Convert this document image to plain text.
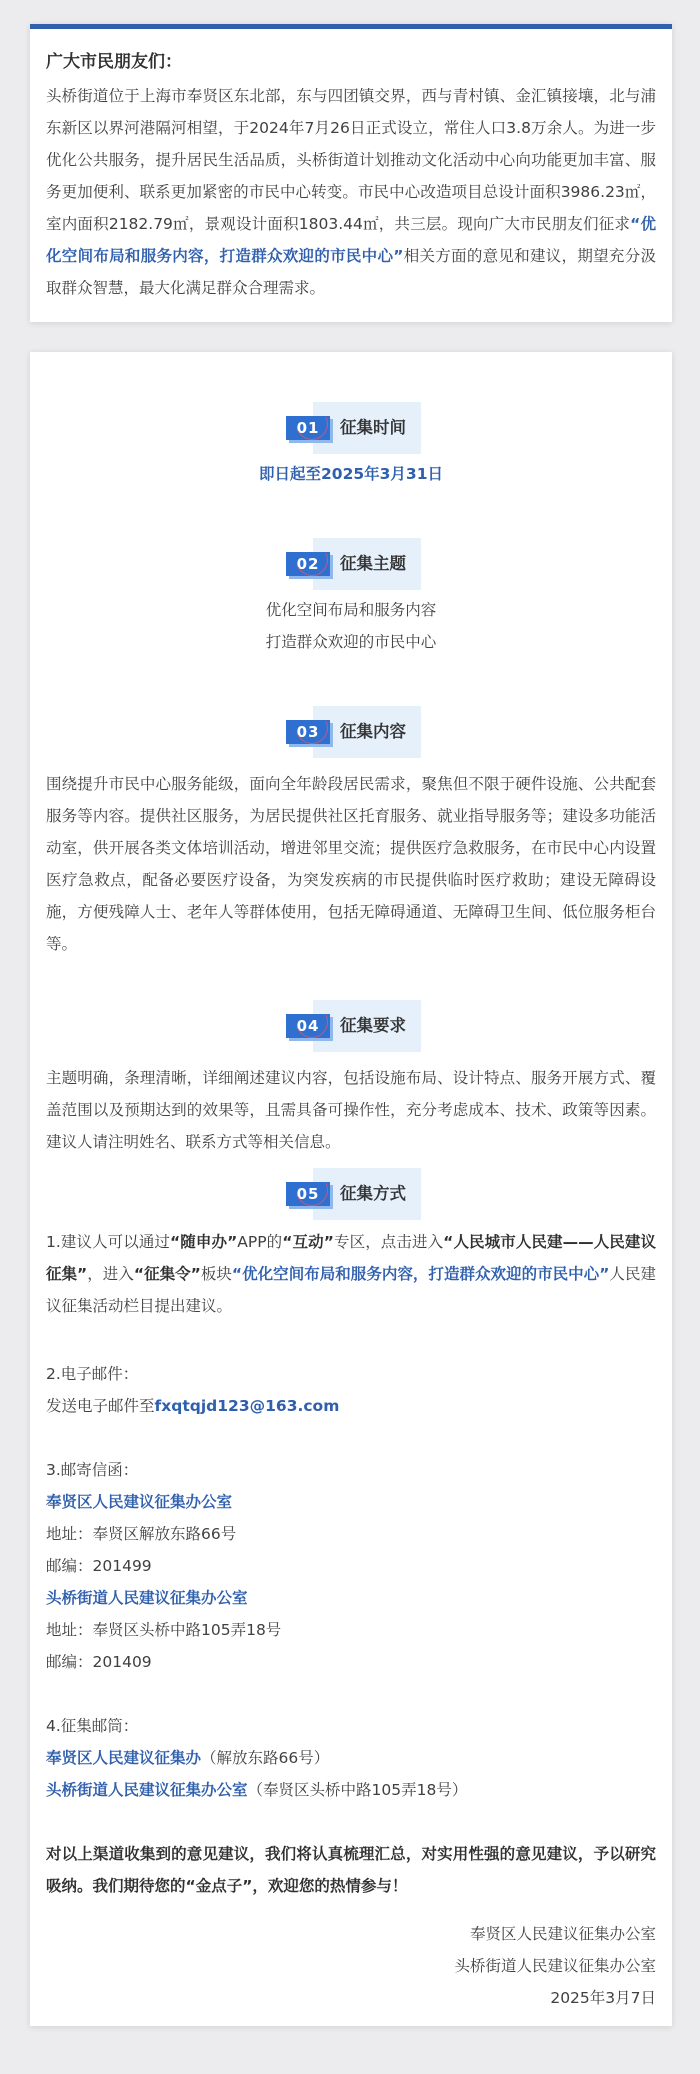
广大市民朋友们：

头桥街道位于上海市奉贤区东北部，东与四团镇交界，西与青村镇、金汇镇接壤，北与浦东新区以界河港隔河相望，于2024年7月26日正式设立，常住人口3.8万余人。为进一步优化公共服务，提升居民生活品质，头桥街道计划推动文化活动中心向功能更加丰富、服务更加便利、联系更加紧密的市民中心转变。市民中心改造项目总设计面积3986.23㎡，室内面积2182.79㎡，景观设计面积1803.44㎡，共三层。现向广大市民朋友们征求“优化空间布局和服务内容，打造群众欢迎的市民中心”相关方面的意见和建议，期望充分汲取群众智慧，最大化满足群众合理需求。

01	征集时间
即日起至2025年3月31日
02	征集主题
优化空间布局和服务内容
打造群众欢迎的市民中心
03	征集内容

围绕提升市民中心服务能级，面向全年龄段居民需求，聚焦但不限于硬件设施、公共配套服务等内容。提供社区服务，为居民提供社区托育服务、就业指导服务等；建设多功能活动室，供开展各类文体培训活动，增进邻里交流；提供医疗急救服务，在市民中心内设置医疗急救点，配备必要医疗设备，为突发疾病的市民提供临时医疗救助；建设无障碍设施，方便残障人士、老年人等群体使用，包括无障碍通道、无障碍卫生间、低位服务柜台等。

04	征集要求

主题明确，条理清晰，详细阐述建议内容，包括设施布局、设计特点、服务开展方式、覆盖范围以及预期达到的效果等，且需具备可操作性，充分考虑成本、技术、政策等因素。建议人请注明姓名、联系方式等相关信息。

05	征集方式

1.建议人可以通过“随申办”APP的“互动”专区，点击进入“人民城市人民建——人民建议征集”，进入“征集令”板块“优化空间布局和服务内容，打造群众欢迎的市民中心”人民建议征集活动栏目提出建议。

2.电子邮件：
发送电子邮件至fxqtqjd123@163.com
3.邮寄信函：
奉贤区人民建议征集办公室
地址：奉贤区解放东路66号
邮编：201499
头桥街道人民建议征集办公室
地址：奉贤区头桥中路105弄18号
邮编：201409
4.征集邮筒：
奉贤区人民建议征集办（解放东路66号）
头桥街道人民建议征集办公室（奉贤区头桥中路105弄18号）

对以上渠道收集到的意见建议，我们将认真梳理汇总，对实用性强的意见建议，予以研究吸纳。我们期待您的“金点子”，欢迎您的热情参与！

奉贤区人民建议征集办公室
头桥街道人民建议征集办公室
2025年3月7日
